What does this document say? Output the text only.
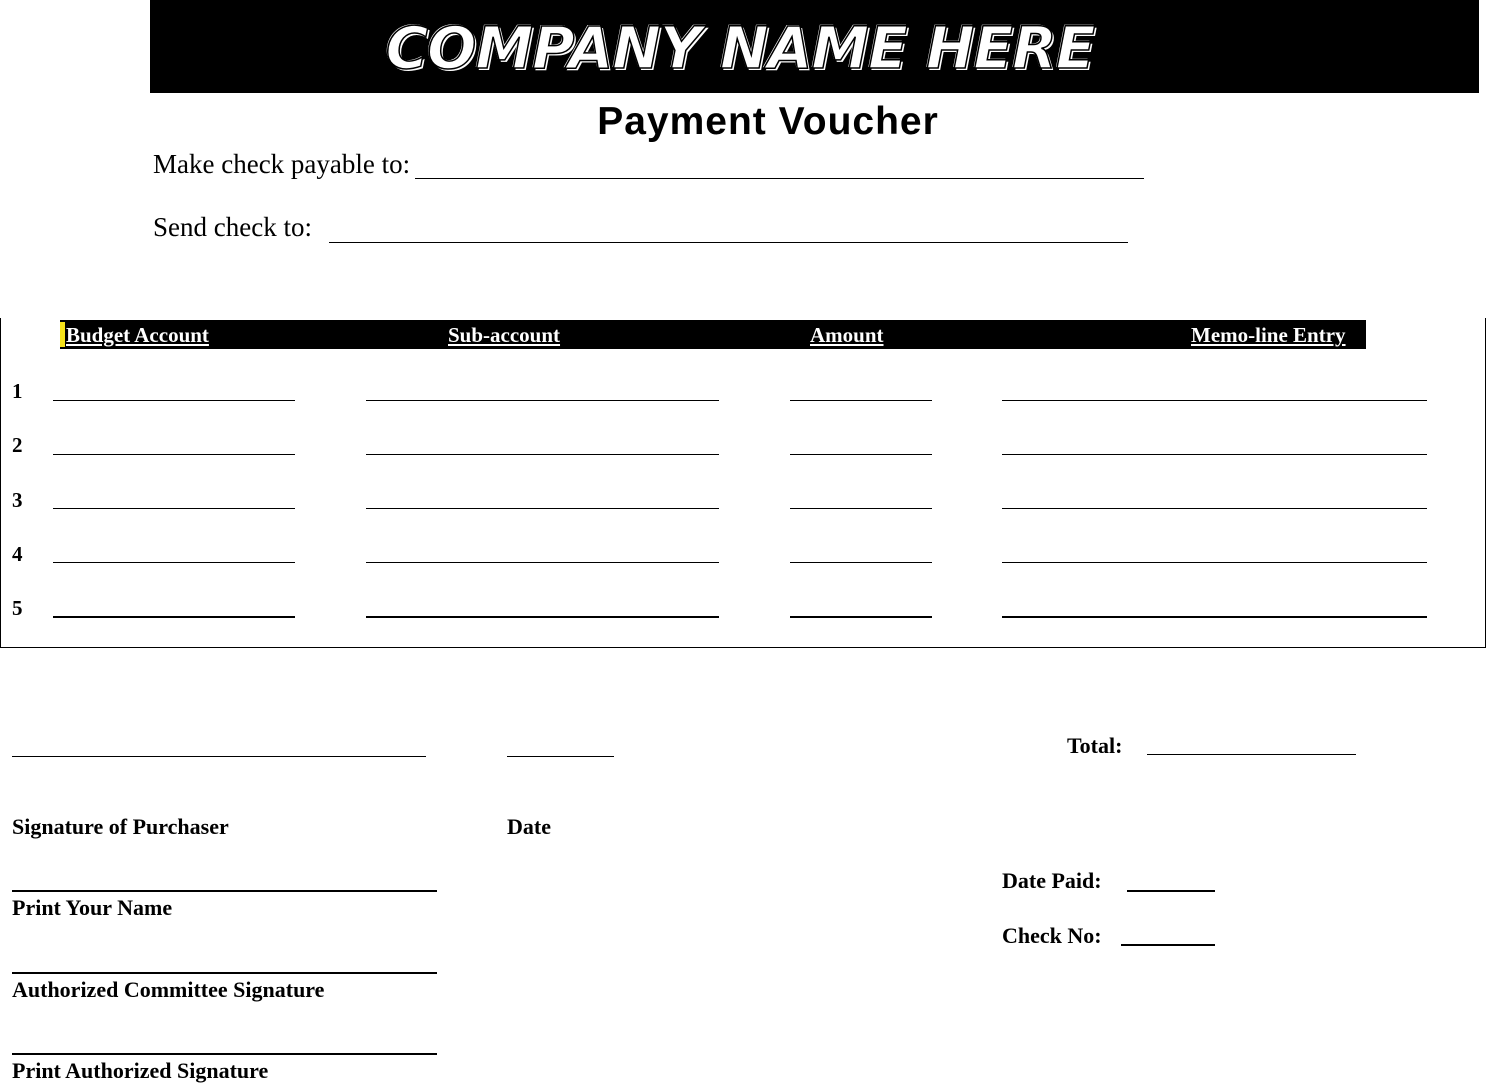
COMPANY NAME HERE
Payment Voucher
Make check payable to:
Send check to:
Budget Account	Sub-account	Amount	Memo-line Entry
1
2
3
4
5
Total:
Signature of Purchaser	Date
Print Your Name
Date Paid:
Check No:
Authorized Committee Signature
Print Authorized Signature
